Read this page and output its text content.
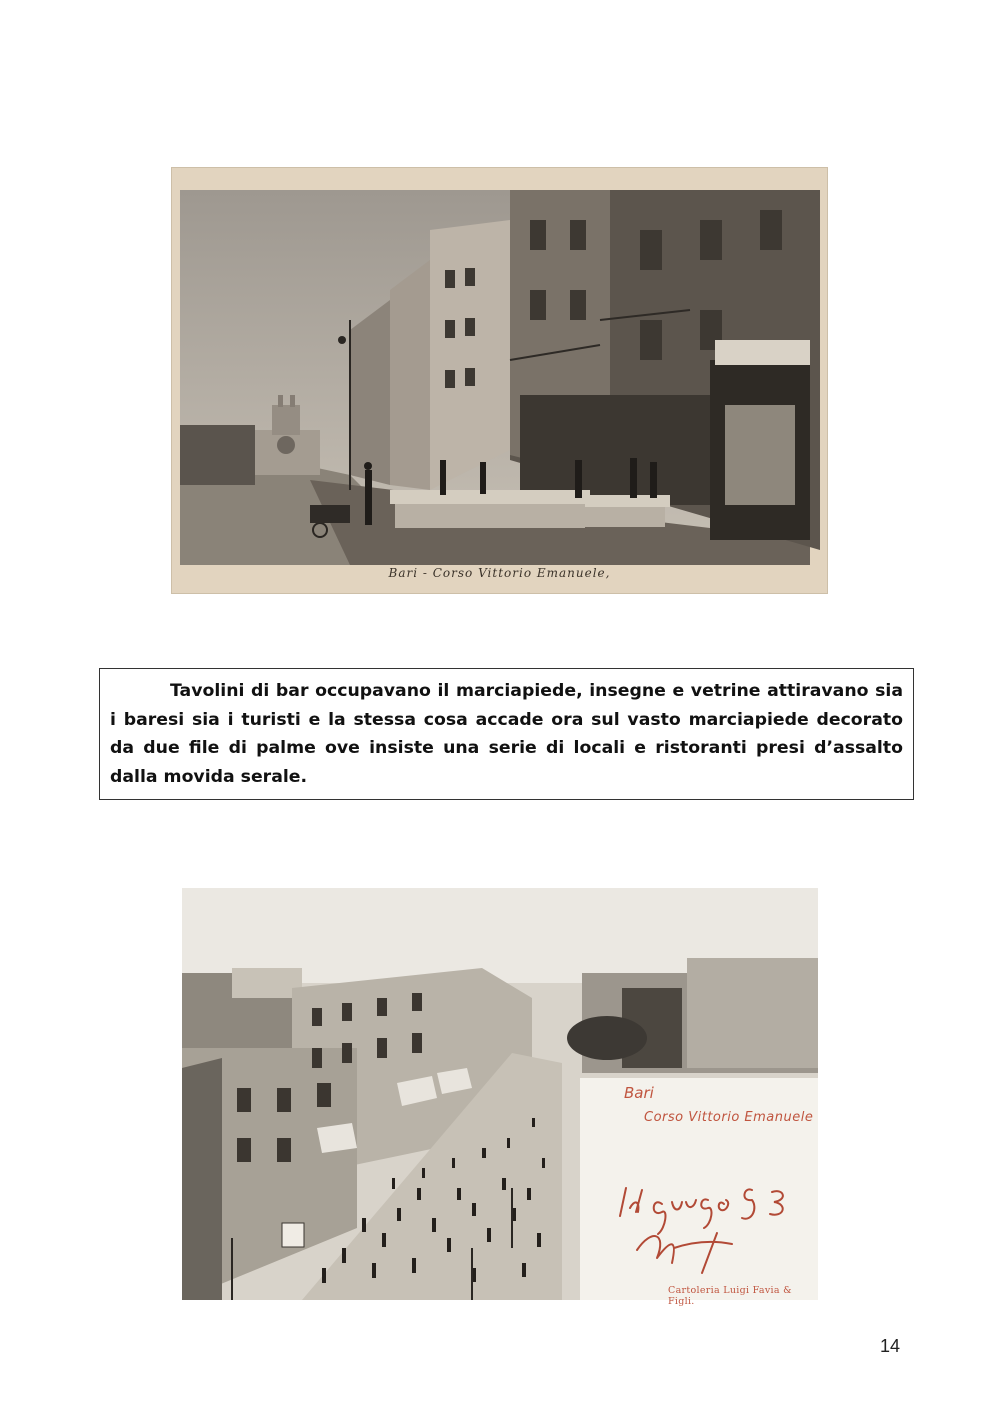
Bari - Corso Vittorio Emanuele,

Tavolini di bar occupavano il marciapiede, insegne e vetrine attiravano sia i baresi sia i turisti e la stessa cosa accade ora sul vasto marciapiede decorato da due file di palme ove insiste una serie di locali e ristoranti presi d’assalto dalla movida serale.

Bari
Corso Vittorio Emanuele
Cartoleria Luigi Favia & Figli.
14
